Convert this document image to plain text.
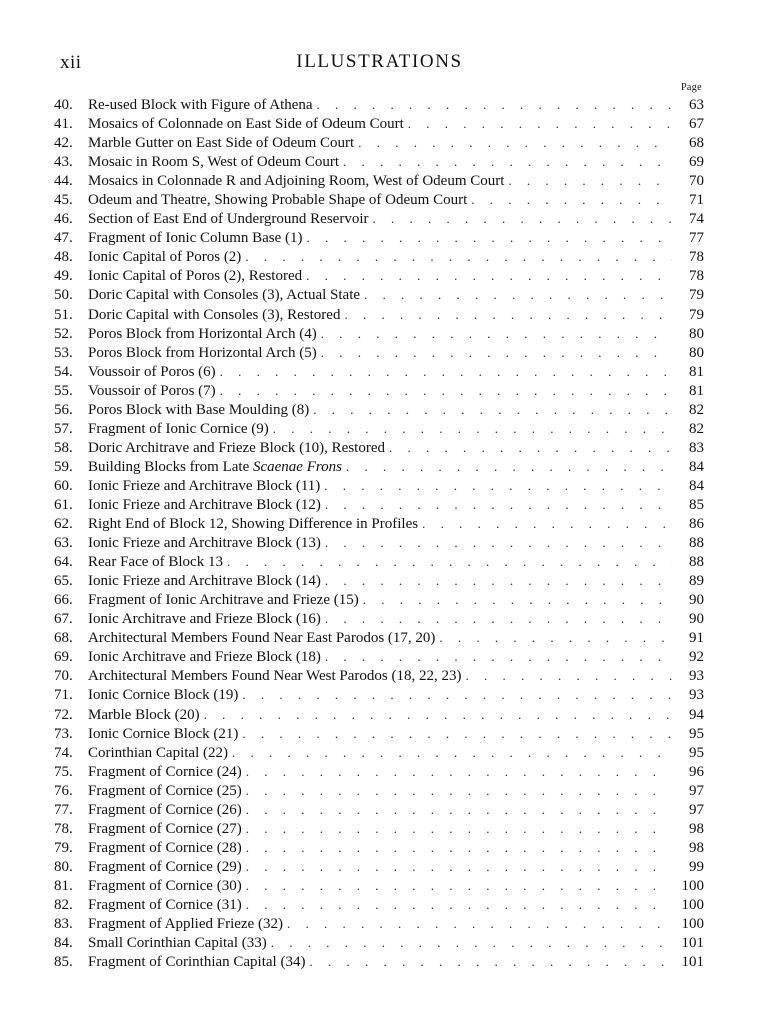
xii	ILLUSTRATIONS
Page
40.	Re-used Block with Figure of Athena . . .	63
41.	Mosaics of Colonnade on East Side of Odeum Court . . .	67
42.	Marble Gutter on East Side of Odeum Court . . .	68
43.	Mosaic in Room S, West of Odeum Court . . .	69
44.	Mosaics in Colonnade R and Adjoining Room, West of Odeum Court . . .	70
45.	Odeum and Theatre, Showing Probable Shape of Odeum Court . . .	71
46.	Section of East End of Underground Reservoir . . .	74
47.	Fragment of Ionic Column Base (1) . . .	77
48.	Ionic Capital of Poros (2) . . .	78
49.	Ionic Capital of Poros (2), Restored . . .	78
50.	Doric Capital with Consoles (3), Actual State . . .	79
51.	Doric Capital with Consoles (3), Restored . . .	79
52.	Poros Block from Horizontal Arch (4) . . .	80
53.	Poros Block from Horizontal Arch (5) . . .	80
54.	Voussoir of Poros (6) . . .	81
55.	Voussoir of Poros (7) . . .	81
56.	Poros Block with Base Moulding (8) . . .	82
57.	Fragment of Ionic Cornice (9) . . .	82
58.	Doric Architrave and Frieze Block (10), Restored . . .	83
59.	Building Blocks from Late Scaenae Frons . . .	84
60.	Ionic Frieze and Architrave Block (11) . . .	84
61.	Ionic Frieze and Architrave Block (12) . . .	85
62.	Right End of Block 12, Showing Difference in Profiles . . .	86
63.	Ionic Frieze and Architrave Block (13) . . .	88
64.	Rear Face of Block 13 . . .	88
65.	Ionic Frieze and Architrave Block (14) . . .	89
66.	Fragment of Ionic Architrave and Frieze (15) . . .	90
67.	Ionic Architrave and Frieze Block (16) . . .	90
68.	Architectural Members Found Near East Parodos (17, 20) . . .	91
69.	Ionic Architrave and Frieze Block (18) . . .	92
70.	Architectural Members Found Near West Parodos (18, 22, 23) . . .	93
71.	Ionic Cornice Block (19) . . .	93
72.	Marble Block (20) . . .	94
73.	Ionic Cornice Block (21) . . .	95
74.	Corinthian Capital (22) . . .	95
75.	Fragment of Cornice (24) . . .	96
76.	Fragment of Cornice (25) . . .	97
77.	Fragment of Cornice (26) . . .	97
78.	Fragment of Cornice (27) . . .	98
79.	Fragment of Cornice (28) . . .	98
80.	Fragment of Cornice (29) . . .	99
81.	Fragment of Cornice (30) . . .	100
82.	Fragment of Cornice (31) . . .	100
83.	Fragment of Applied Frieze (32) . . .	100
84.	Small Corinthian Capital (33) . . .	101
85.	Fragment of Corinthian Capital (34) . . .	101
